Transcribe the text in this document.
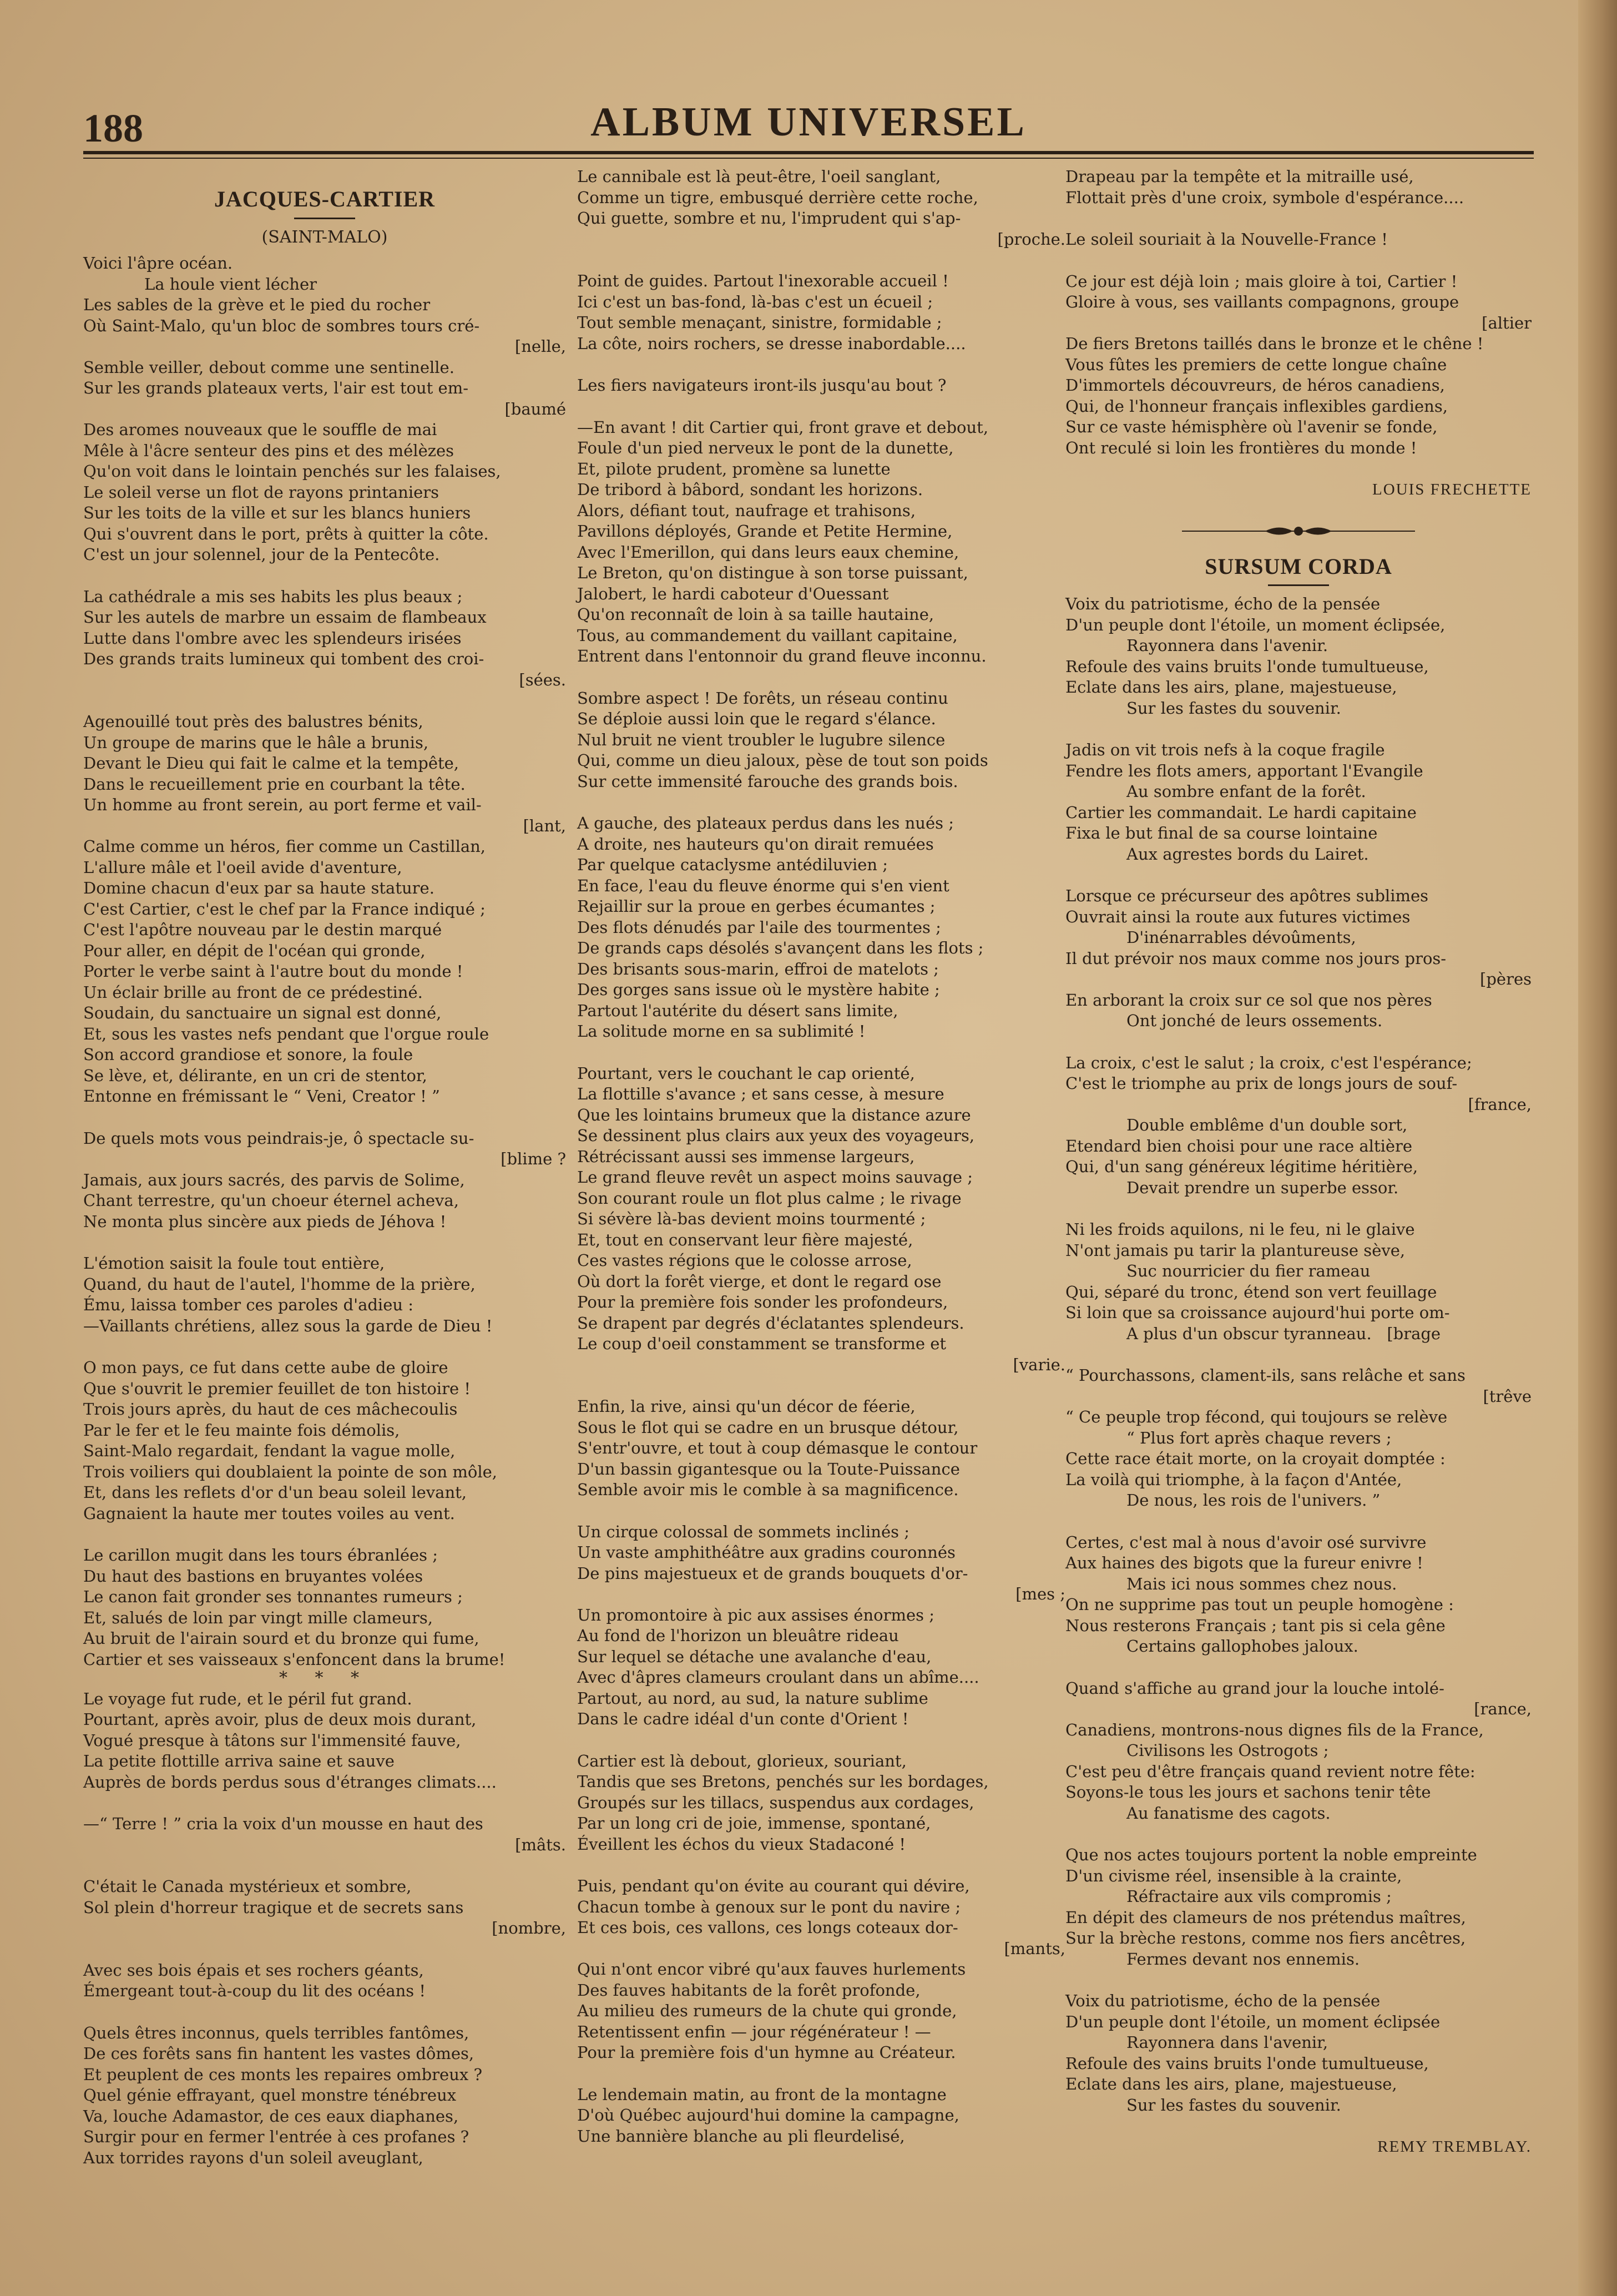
188	ALBUM UNIVERSEL
JACQUES-CARTIER
(SAINT-MALO)
Voici l'âpre océan.
La houle vient lécher
Les sables de la grève et le pied du rocher
Où Saint-Malo, qu'un bloc de sombres tours cré-
[nelle,
Semble veiller, debout comme une sentinelle.
Sur les grands plateaux verts, l'air est tout em-
[baumé
Des aromes nouveaux que le souffle de mai
Mêle à l'âcre senteur des pins et des mélèzes
Qu'on voit dans le lointain penchés sur les falaises,
Le soleil verse un flot de rayons printaniers
Sur les toits de la ville et sur les blancs huniers
Qui s'ouvrent dans le port, prêts à quitter la côte.
C'est un jour solennel, jour de la Pentecôte.
La cathédrale a mis ses habits les plus beaux ;
Sur les autels de marbre un essaim de flambeaux
Lutte dans l'ombre avec les splendeurs irisées
Des grands traits lumineux qui tombent des croi-
[sées.
Agenouillé tout près des balustres bénits,
Un groupe de marins que le hâle a brunis,
Devant le Dieu qui fait le calme et la tempête,
Dans le recueillement prie en courbant la tête.
Un homme au front serein, au port ferme et vail-
[lant,
Calme comme un héros, fier comme un Castillan,
L'allure mâle et l'oeil avide d'aventure,
Domine chacun d'eux par sa haute stature.
C'est Cartier, c'est le chef par la France indiqué ;
C'est l'apôtre nouveau par le destin marqué
Pour aller, en dépit de l'océan qui gronde,
Porter le verbe saint à l'autre bout du monde !
Un éclair brille au front de ce prédestiné.
Soudain, du sanctuaire un signal est donné,
Et, sous les vastes nefs pendant que l'orgue roule
Son accord grandiose et sonore, la foule
Se lève, et, délirante, en un cri de stentor,
Entonne en frémissant le “ Veni, Creator ! ”
De quels mots vous peindrais-je, ô spectacle su-
[blime ?
Jamais, aux jours sacrés, des parvis de Solime,
Chant terrestre, qu'un choeur éternel acheva,
Ne monta plus sincère aux pieds de Jéhova !
L'émotion saisit la foule tout entière,
Quand, du haut de l'autel, l'homme de la prière,
Ému, laissa tomber ces paroles d'adieu :
—Vaillants chrétiens, allez sous la garde de Dieu !
O mon pays, ce fut dans cette aube de gloire
Que s'ouvrit le premier feuillet de ton histoire !
Trois jours après, du haut de ces mâchecoulis
Par le fer et le feu mainte fois démolis,
Saint-Malo regardait, fendant la vague molle,
Trois voiliers qui doublaient la pointe de son môle,
Et, dans les reflets d'or d'un beau soleil levant,
Gagnaient la haute mer toutes voiles au vent.
Le carillon mugit dans les tours ébranlées ;
Du haut des bastions en bruyantes volées
Le canon fait gronder ses tonnantes rumeurs ;
Et, salués de loin par vingt mille clameurs,
Au bruit de l'airain sourd et du bronze qui fume,
Cartier et ses vaisseaux s'enfoncent dans la brume!
* * *
Le voyage fut rude, et le péril fut grand.
Pourtant, après avoir, plus de deux mois durant,
Vogué presque à tâtons sur l'immensité fauve,
La petite flottille arriva saine et sauve
Auprès de bords perdus sous d'étranges climats....
—“ Terre ! ” cria la voix d'un mousse en haut des
[mâts.
C'était le Canada mystérieux et sombre,
Sol plein d'horreur tragique et de secrets sans
[nombre,
Avec ses bois épais et ses rochers géants,
Émergeant tout-à-coup du lit des océans !
Quels êtres inconnus, quels terribles fantômes,
De ces forêts sans fin hantent les vastes dômes,
Et peuplent de ces monts les repaires ombreux ?
Quel génie effrayant, quel monstre ténébreux
Va, louche Adamastor, de ces eaux diaphanes,
Surgir pour en fermer l'entrée à ces profanes ?
Aux torrides rayons d'un soleil aveuglant,
Le cannibale est là peut-être, l'oeil sanglant,
Comme un tigre, embusqué derrière cette roche,
Qui guette, sombre et nu, l'imprudent qui s'ap-
[proche.
Point de guides. Partout l'inexorable accueil !
Ici c'est un bas-fond, là-bas c'est un écueil ;
Tout semble menaçant, sinistre, formidable ;
La côte, noirs rochers, se dresse inabordable....
Les fiers navigateurs iront-ils jusqu'au bout ?
—En avant ! dit Cartier qui, front grave et debout,
Foule d'un pied nerveux le pont de la dunette,
Et, pilote prudent, promène sa lunette
De tribord à bâbord, sondant les horizons.
Alors, défiant tout, naufrage et trahisons,
Pavillons déployés, Grande et Petite Hermine,
Avec l'Emerillon, qui dans leurs eaux chemine,
Le Breton, qu'on distingue à son torse puissant,
Jalobert, le hardi caboteur d'Ouessant
Qu'on reconnaît de loin à sa taille hautaine,
Tous, au commandement du vaillant capitaine,
Entrent dans l'entonnoir du grand fleuve inconnu.
Sombre aspect ! De forêts, un réseau continu
Se déploie aussi loin que le regard s'élance.
Nul bruit ne vient troubler le lugubre silence
Qui, comme un dieu jaloux, pèse de tout son poids
Sur cette immensité farouche des grands bois.
A gauche, des plateaux perdus dans les nués ;
A droite, nes hauteurs qu'on dirait remuées
Par quelque cataclysme antédiluvien ;
En face, l'eau du fleuve énorme qui s'en vient
Rejaillir sur la proue en gerbes écumantes ;
Des flots dénudés par l'aile des tourmentes ;
De grands caps désolés s'avançent dans les flots ;
Des brisants sous-marin, effroi de matelots ;
Des gorges sans issue où le mystère habite ;
Partout l'autérite du désert sans limite,
La solitude morne en sa sublimité !
Pourtant, vers le couchant le cap orienté,
La flottille s'avance ; et sans cesse, à mesure
Que les lointains brumeux que la distance azure
Se dessinent plus clairs aux yeux des voyageurs,
Rétrécissant aussi ses immense largeurs,
Le grand fleuve revêt un aspect moins sauvage ;
Son courant roule un flot plus calme ; le rivage
Si sévère là-bas devient moins tourmenté ;
Et, tout en conservant leur fière majesté,
Ces vastes régions que le colosse arrose,
Où dort la forêt vierge, et dont le regard ose
Pour la première fois sonder les profondeurs,
Se drapent par degrés d'éclatantes splendeurs.
Le coup d'oeil constamment se transforme et
[varie.
Enfin, la rive, ainsi qu'un décor de féerie,
Sous le flot qui se cadre en un brusque détour,
S'entr'ouvre, et tout à coup démasque le contour
D'un bassin gigantesque ou la Toute-Puissance
Semble avoir mis le comble à sa magnificence.
Un cirque colossal de sommets inclinés ;
Un vaste amphithéâtre aux gradins couronnés
De pins majestueux et de grands bouquets d'or-
[mes ;
Un promontoire à pic aux assises énormes ;
Au fond de l'horizon un bleuâtre rideau
Sur lequel se détache une avalanche d'eau,
Avec d'âpres clameurs croulant dans un abîme....
Partout, au nord, au sud, la nature sublime
Dans le cadre idéal d'un conte d'Orient !
Cartier est là debout, glorieux, souriant,
Tandis que ses Bretons, penchés sur les bordages,
Groupés sur les tillacs, suspendus aux cordages,
Par un long cri de joie, immense, spontané,
Éveillent les échos du vieux Stadaconé !
Puis, pendant qu'on évite au courant qui dévire,
Chacun tombe à genoux sur le pont du navire ;
Et ces bois, ces vallons, ces longs coteaux dor-
[mants,
Qui n'ont encor vibré qu'aux fauves hurlements
Des fauves habitants de la forêt profonde,
Au milieu des rumeurs de la chute qui gronde,
Retentissent enfin — jour régénérateur ! —
Pour la première fois d'un hymne au Créateur.
Le lendemain matin, au front de la montagne
D'où Québec aujourd'hui domine la campagne,
Une bannière blanche au pli fleurdelisé,
Drapeau par la tempête et la mitraille usé,
Flottait près d'une croix, symbole d'espérance....
Le soleil souriait à la Nouvelle-France !
Ce jour est déjà loin ; mais gloire à toi, Cartier !
Gloire à vous, ses vaillants compagnons, groupe
[altier
De fiers Bretons taillés dans le bronze et le chêne !
Vous fûtes les premiers de cette longue chaîne
D'immortels découvreurs, de héros canadiens,
Qui, de l'honneur français inflexibles gardiens,
Sur ce vaste hémisphère où l'avenir se fonde,
Ont reculé si loin les frontières du monde !
LOUIS FRECHETTE
SURSUM CORDA
Voix du patriotisme, écho de la pensée
D'un peuple dont l'étoile, un moment éclipsée,
Rayonnera dans l'avenir.
Refoule des vains bruits l'onde tumultueuse,
Eclate dans les airs, plane, majestueuse,
Sur les fastes du souvenir.
Jadis on vit trois nefs à la coque fragile
Fendre les flots amers, apportant l'Evangile
Au sombre enfant de la forêt.
Cartier les commandait. Le hardi capitaine
Fixa le but final de sa course lointaine
Aux agrestes bords du Lairet.
Lorsque ce précurseur des apôtres sublimes
Ouvrait ainsi la route aux futures victimes
D'inénarrables dévoûments,
Il dut prévoir nos maux comme nos jours pros-
[pères
En arborant la croix sur ce sol que nos pères
Ont jonché de leurs ossements.
La croix, c'est le salut ; la croix, c'est l'espérance;
C'est le triomphe au prix de longs jours de souf-
[france,
Double emblême d'un double sort,
Etendard bien choisi pour une race altière
Qui, d'un sang généreux légitime héritière,
Devait prendre un superbe essor.
Ni les froids aquilons, ni le feu, ni le glaive
N'ont jamais pu tarir la plantureuse sève,
Suc nourricier du fier rameau
Qui, séparé du tronc, étend son vert feuillage
Si loin que sa croissance aujourd'hui porte om-
A plus d'un obscur tyranneau.   [brage
“ Pourchassons, clament-ils, sans relâche et sans
[trêve
“ Ce peuple trop fécond, qui toujours se relève
“ Plus fort après chaque revers ;
Cette race était morte, on la croyait domptée :
La voilà qui triomphe, à la façon d'Antée,
De nous, les rois de l'univers. ”
Certes, c'est mal à nous d'avoir osé survivre
Aux haines des bigots que la fureur enivre !
Mais ici nous sommes chez nous.
On ne supprime pas tout un peuple homogène :
Nous resterons Français ; tant pis si cela gêne
Certains gallophobes jaloux.
Quand s'affiche au grand jour la louche intolé-
[rance,
Canadiens, montrons-nous dignes fils de la France,
Civilisons les Ostrogots ;
C'est peu d'être français quand revient notre fête:
Soyons-le tous les jours et sachons tenir tête
Au fanatisme des cagots.
Que nos actes toujours portent la noble empreinte
D'un civisme réel, insensible à la crainte,
Réfractaire aux vils compromis ;
En dépit des clameurs de nos prétendus maîtres,
Sur la brèche restons, comme nos fiers ancêtres,
Fermes devant nos ennemis.
Voix du patriotisme, écho de la pensée
D'un peuple dont l'étoile, un moment éclipsée
Rayonnera dans l'avenir,
Refoule des vains bruits l'onde tumultueuse,
Eclate dans les airs, plane, majestueuse,
Sur les fastes du souvenir.
REMY TREMBLAY.
